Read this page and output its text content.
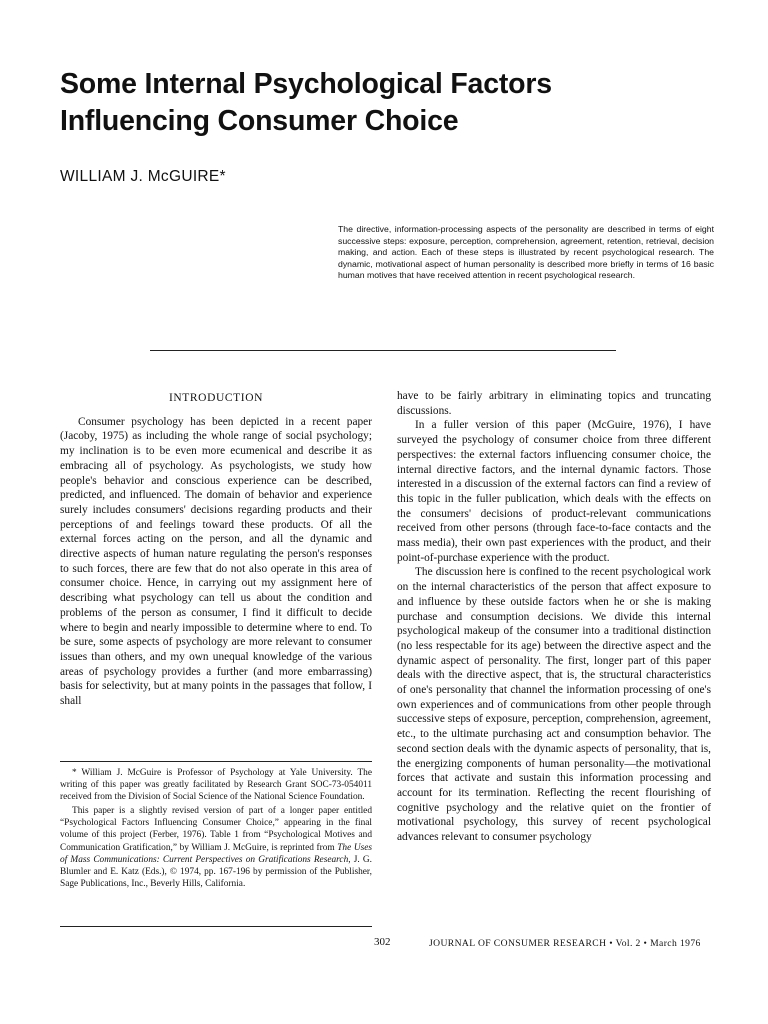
Some Internal Psychological Factors
Influencing Consumer Choice
WILLIAM J. McGUIRE*

The directive, information-processing aspects of the personality are described in terms of eight successive steps: exposure, perception, comprehension, agreement, retention, retrieval, decision making, and action. Each of these steps is illustrated by recent psychological research. The dynamic, motivational aspect of human personality is described more briefly in terms of 16 basic human motives that have received attention in recent psychological research.

INTRODUCTION

Consumer psychology has been depicted in a recent paper (Jacoby, 1975) as including the whole range of social psychology; my inclination is to be even more ecumenical and describe it as embracing all of psychology. As psychologists, we study how people's behavior and conscious experience can be described, predicted, and influenced. The domain of behavior and experience surely includes consumers' decisions regarding products and their perceptions of and feelings toward these products. Of all the external forces acting on the person, and all the dynamic and directive aspects of human nature regulating the person's responses to such forces, there are few that do not also operate in this area of consumer choice. Hence, in carrying out my assignment here of describing what psychology can tell us about the condition and problems of the person as consumer, I find it difficult to decide where to begin and nearly impossible to determine where to end. To be sure, some aspects of psychology are more relevant to consumer issues than others, and my own unequal knowledge of the various areas of psychology provides a further (and more embarrassing) basis for selectivity, but at many points in the passages that follow, I shall

* William J. McGuire is Professor of Psychology at Yale University. The writing of this paper was greatly facilitated by Research Grant SOC-73-054011 received from the Division of Social Science of the National Science Foundation.

This paper is a slightly revised version of part of a longer paper entitled “Psychological Factors Influencing Consumer Choice,” appearing in the final volume of this project (Ferber, 1976). Table 1 from “Psychological Motives and Communication Gratification,” by William J. McGuire, is reprinted from The Uses of Mass Communications: Current Perspectives on Gratifications Research, J. G. Blumler and E. Katz (Eds.), © 1974, pp. 167-196 by permission of the Publisher, Sage Publications, Inc., Beverly Hills, California.

have to be fairly arbitrary in eliminating topics and truncating discussions.

In a fuller version of this paper (McGuire, 1976), I have surveyed the psychology of consumer choice from three different perspectives: the external factors influencing consumer choice, the internal directive factors, and the internal dynamic factors. Those interested in a discussion of the external factors can find a review of this topic in the fuller publication, which deals with the effects on the consumers' decisions of product-relevant communications received from other persons (through face-to-face contacts and the mass media), their own past experiences with the product, and their point-of-purchase experience with the product.

The discussion here is confined to the recent psychological work on the internal characteristics of the person that affect exposure to and influence by these outside factors when he or she is making purchase and consumption decisions. We divide this internal psychological makeup of the consumer into a traditional distinction (no less respectable for its age) between the directive aspect and the dynamic aspect of personality. The first, longer part of this paper deals with the directive aspect, that is, the structural characteristics of one's personality that channel the information processing of one's own experiences and of communications from other people through successive steps of exposure, perception, comprehension, agreement, etc., to the ultimate purchasing act and consumption behavior. The second section deals with the dynamic aspects of personality, that is, the energizing components of human personality—the motivational forces that activate and sustain this information processing and account for its termination. Reflecting the recent flourishing of cognitive psychology and the relative quiet on the frontier of motivational psychology, this survey of recent psychological advances relevant to consumer psychology

302	JOURNAL OF CONSUMER RESEARCH • Vol. 2 • March 1976
